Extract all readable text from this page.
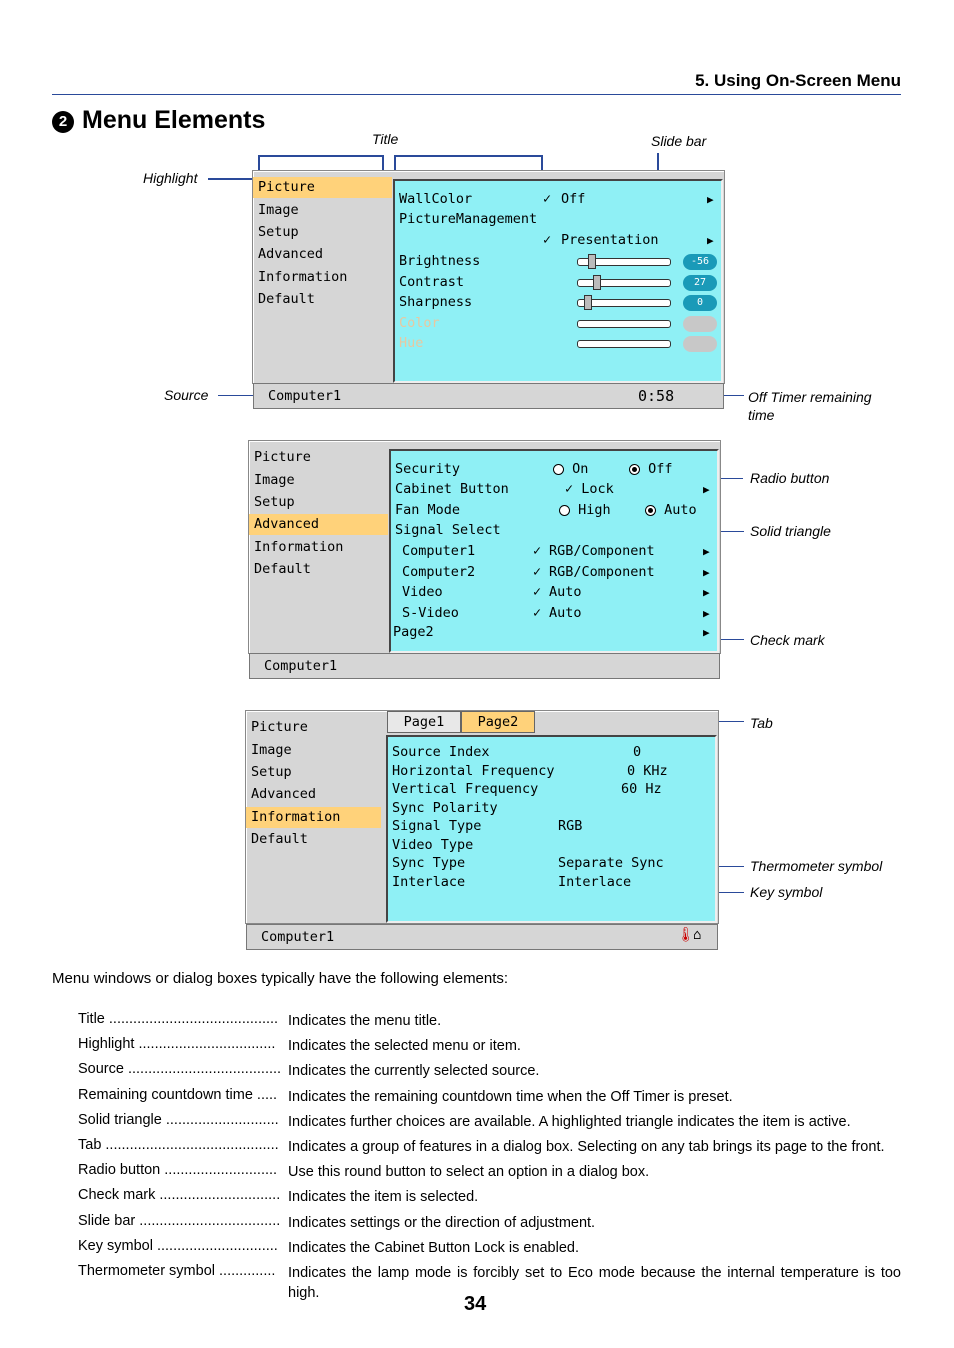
5. Using On-Screen Menu
2 Menu Elements
Title	Slide bar
Highlight
Source	Off Timer remaining time
Radio button
Solid triangle
Check mark
Tab
Thermometer symbol
Key symbol
Picture
Image
Setup
Advanced
Information
Default
WallColor	✓ Off	▶
PictureManagement
✓ Presentation	▶
Brightness	-56
Contrast	27
Sharpness	0
Color
Hue
Computer1	0:58
Picture
Image
Setup
Advanced
Information
Default
Security	On	Off
Cabinet Button	✓ Lock	▶
Fan Mode	High	Auto
Signal Select
Computer1	✓ RGB/Component	▶
Computer2	✓ RGB/Component	▶
Video	✓ Auto	▶
S-Video	✓ Auto	▶
Page2	▶
Computer1
Picture
Image
Setup
Advanced
Information
Default
Page1	Page2
Source Index	0
Horizontal Frequency	0 KHz
Vertical Frequency	60 Hz
Sync Polarity
Signal Type	RGB
Video Type
Sync Type	Separate Sync
Interlace	Interlace
Computer1	🌡
⌂
Menu windows or dialog boxes typically have the following elements:
Title .......................................... Indicates the menu title.
Highlight .................................. Indicates the selected menu or item.
Source ...................................... Indicates the currently selected source.
Remaining countdown time ..... Indicates the remaining countdown time when the Off Timer is preset.
Solid triangle ............................ Indicates further choices are available. A highlighted triangle indicates the item is active.
Tab ........................................... Indicates a group of features in a dialog box. Selecting on any tab brings its page to the front.
Radio button ............................ Use this round button to select an option in a dialog box.
Check mark .............................. Indicates the item is selected.
Slide bar ................................... Indicates settings or the direction of adjustment.
Key symbol .............................. Indicates the Cabinet Button Lock is enabled.
Thermometer symbol .............. Indicates the lamp mode is forcibly set to Eco mode because the internal temperature is too high.	34
